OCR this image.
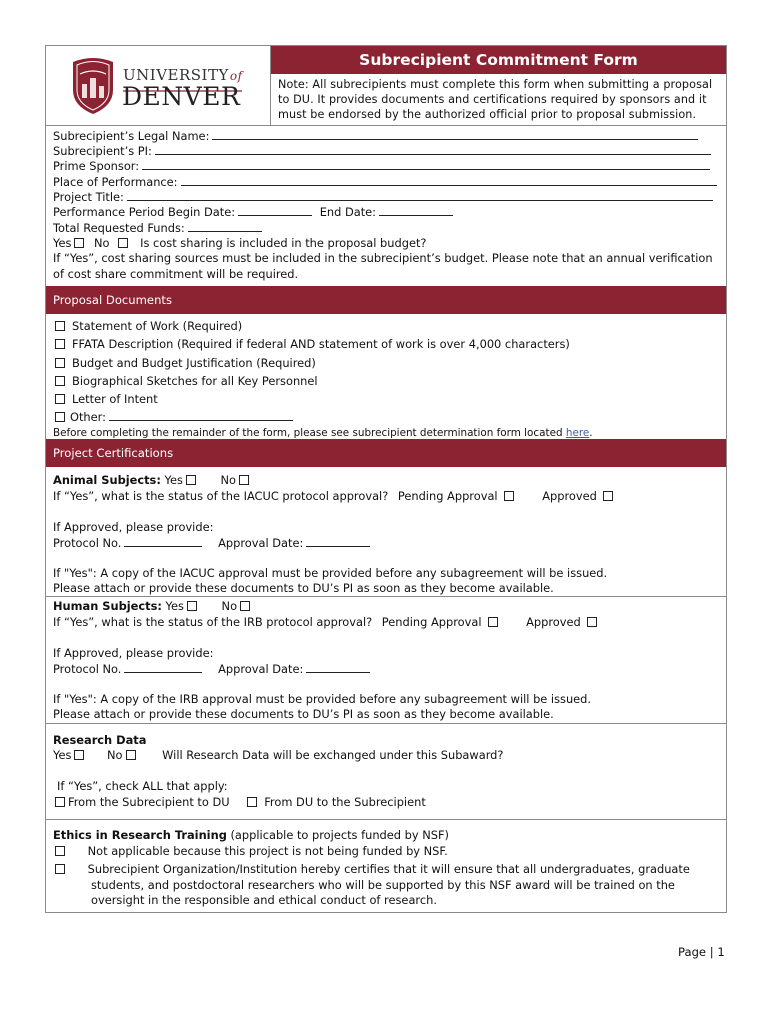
UNIVERSITYof
DENVER
Subrecipient Commitment Form
Note: All subrecipients must complete this form when submitting a proposal
to DU. It provides documents and certifications required by sponsors and it
must be endorsed by the authorized official prior to proposal submission.
Subrecipient’s Legal Name:
Subrecipient’s PI:
Prime Sponsor:
Place of Performance:
Project Title:
Performance Period Begin Date:	End Date:
Total Requested Funds:
Yes No	Is cost sharing is included in the proposal budget?
If “Yes”, cost sharing sources must be included in the subrecipient’s budget. Please note that an annual verification
of cost share commitment will be required.
Proposal Documents
Statement of Work (Required)
FFATA Description (Required if federal AND statement of work is over 4,000 characters)
Budget and Budget Justification (Required)
Biographical Sketches for all Key Personnel
Letter of Intent
Other:
Before completing the remainder of the form, please see subrecipient determination form located here.
Project Certifications
Animal Subjects: Yes	No
If “Yes”, what is the status of the IACUC protocol approval? Pending Approval	Approved
If Approved, please provide:
Protocol No.	Approval Date:
If "Yes": A copy of the IACUC approval must be provided before any subagreement will be issued.
Please attach or provide these documents to DU’s PI as soon as they become available.
Human Subjects: Yes	No
If “Yes”, what is the status of the IRB protocol approval? Pending Approval	Approved
If Approved, please provide:
Protocol No.	Approval Date:
If "Yes": A copy of the IRB approval must be provided before any subagreement will be issued.
Please attach or provide these documents to DU’s PI as soon as they become available.
Research Data
Yes	No	Will Research Data will be exchanged under this Subaward?
If “Yes”, check ALL that apply:
From the Subrecipient to DU	From DU to the Subrecipient
Ethics in Research Training (applicable to projects funded by NSF)
Not applicable because this project is not being funded by NSF.
Subrecipient Organization/Institution hereby certifies that it will ensure that all undergraduates, graduate
students, and postdoctoral researchers who will be supported by this NSF award will be trained on the
oversight in the responsible and ethical conduct of research.
Page | 1
